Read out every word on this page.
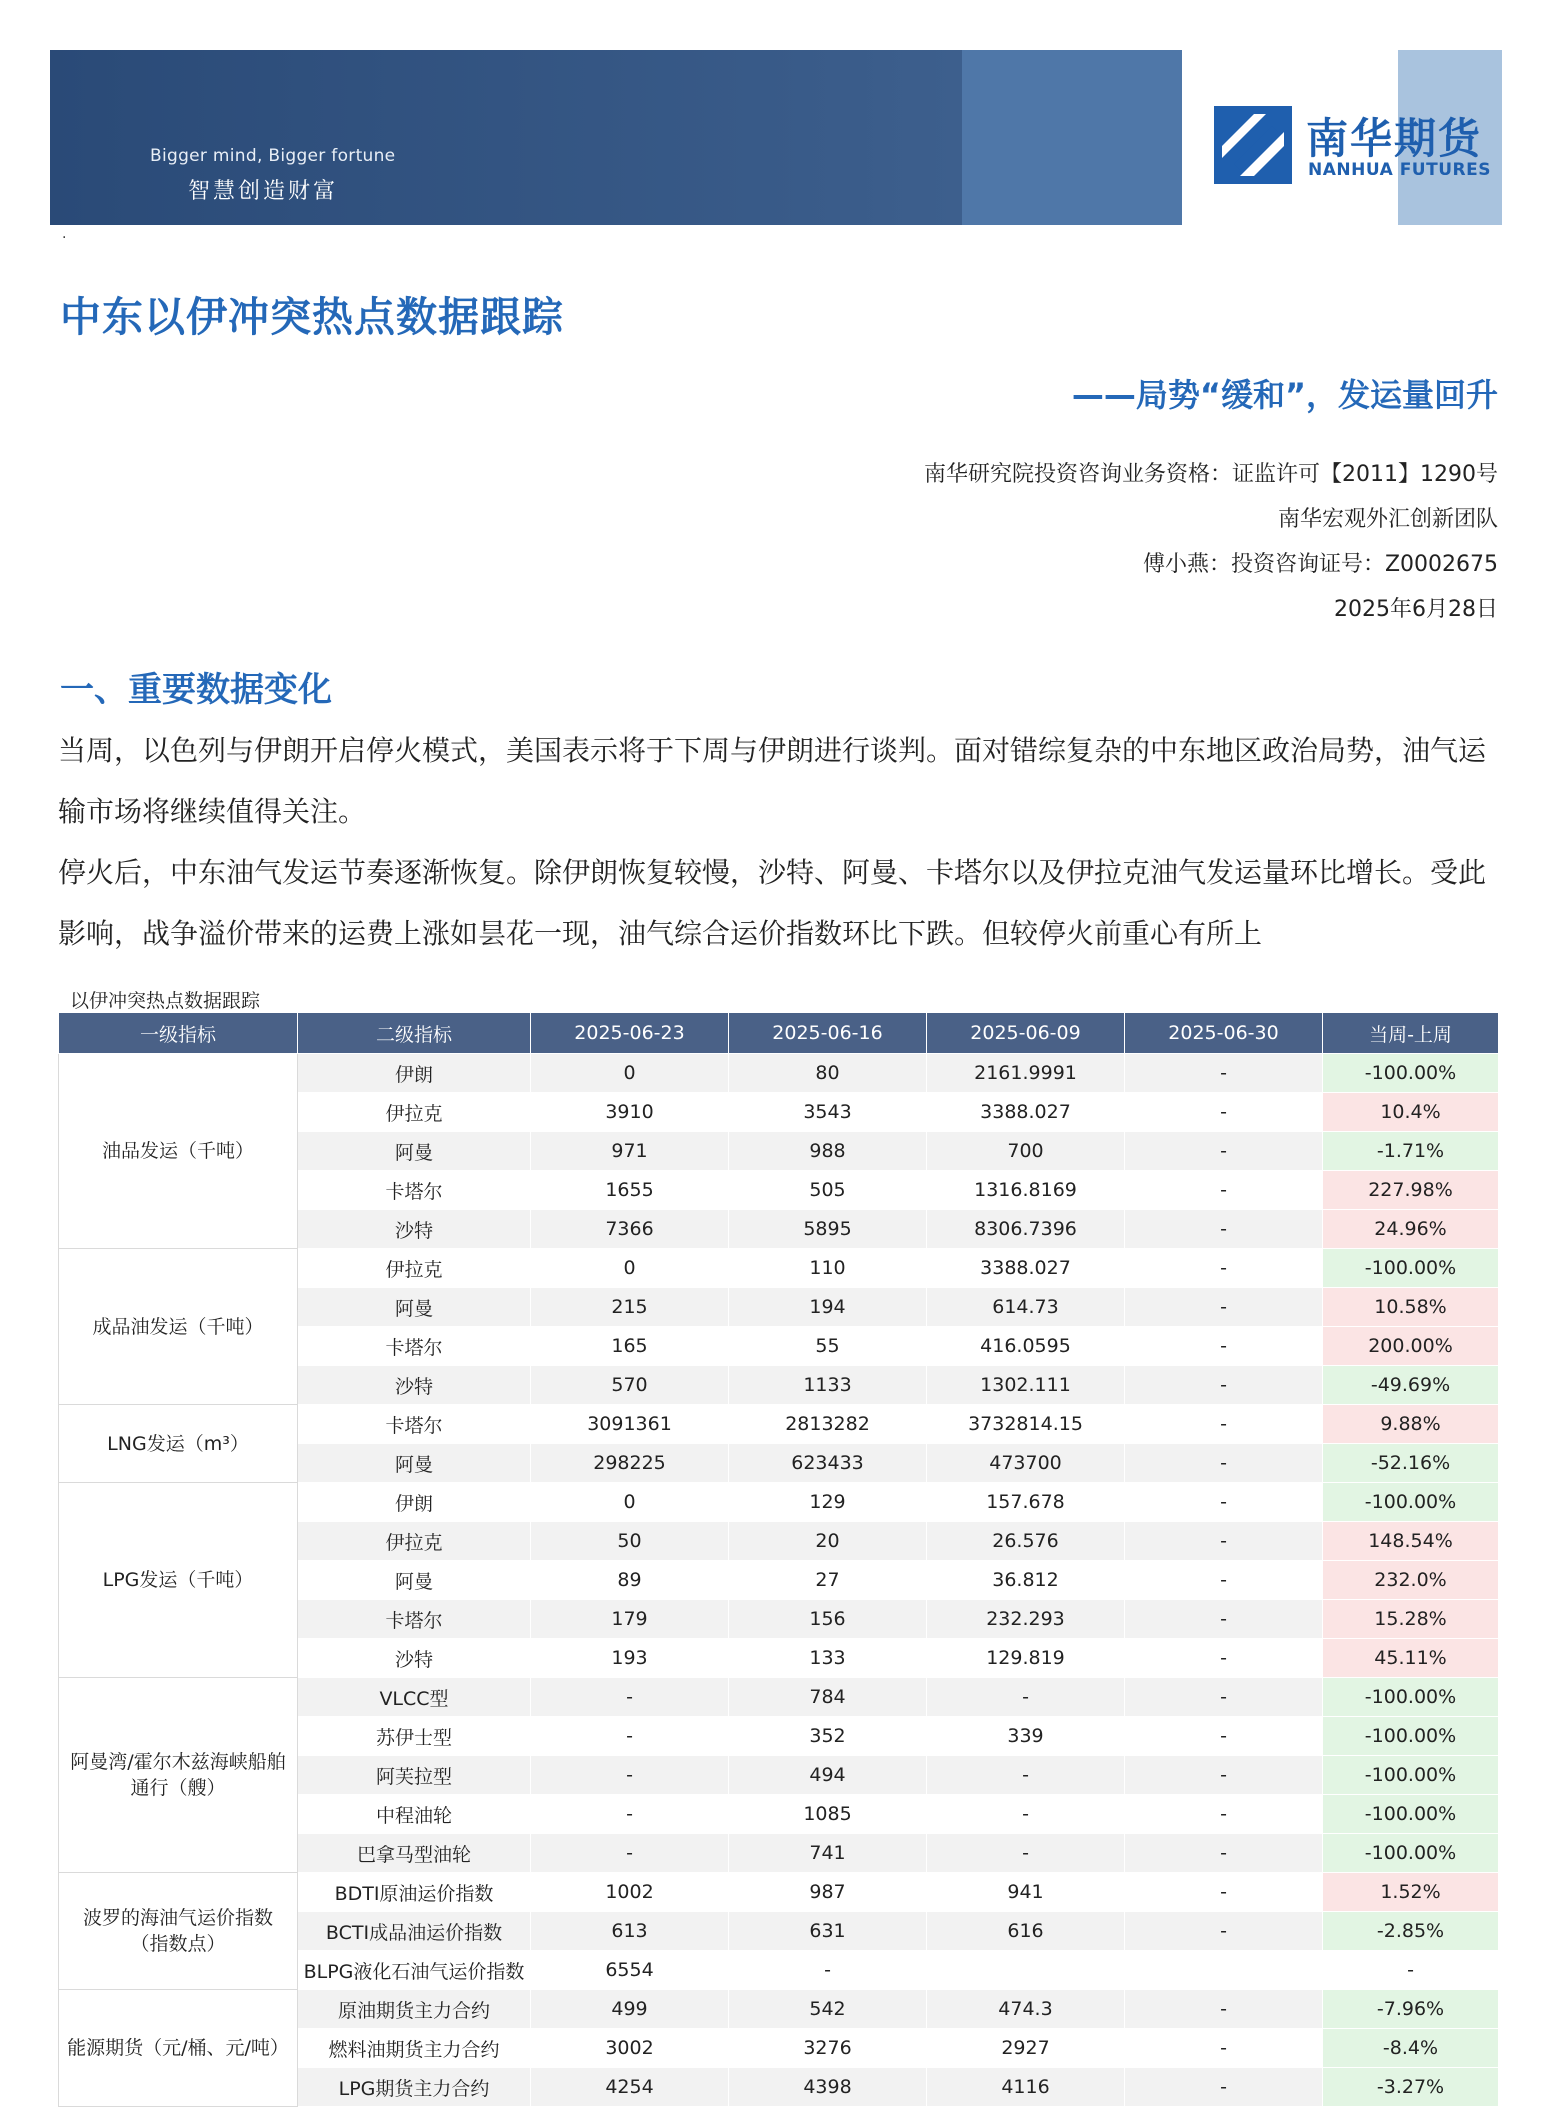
Bigger mind, Bigger fortune
智慧创造财富
南华期货
NANHUA FUTURES
·
中东以伊冲突热点数据跟踪
——局势“缓和”，发运量回升
南华研究院投资咨询业务资格：证监许可【2011】1290号
南华宏观外汇创新团队
傅小燕：投资咨询证号：Z0002675
2025年6月28日
一、重要数据变化
当周，以色列与伊朗开启停火模式，美国表示将于下周与伊朗进行谈判。面对错综复杂的中东地区政治局势，油气运输市场将继续值得关注。
停火后，中东油气发运节奏逐渐恢复。除伊朗恢复较慢，沙特、阿曼、卡塔尔以及伊拉克油气发运量环比增长。受此影响，战争溢价带来的运费上涨如昙花一现，油气综合运价指数环比下跌。但较停火前重心有所上
以伊冲突热点数据跟踪
一级指标	二级指标	2025-06-23	2025-06-16	2025-06-09	2025-06-30	当周-上周
油品发运（千吨）	伊朗	0	80	2161.9991	-	-100.00%
	伊拉克	3910	3543	3388.027	-	10.4%
	阿曼	971	988	700	-	-1.71%
	卡塔尔	1655	505	1316.8169	-	227.98%
	沙特	7366	5895	8306.7396	-	24.96%
成品油发运（千吨）	伊拉克	0	110	3388.027	-	-100.00%
	阿曼	215	194	614.73	-	10.58%
	卡塔尔	165	55	416.0595	-	200.00%
	沙特	570	1133	1302.111	-	-49.69%
LNG发运（m³）	卡塔尔	3091361	2813282	3732814.15	-	9.88%
	阿曼	298225	623433	473700	-	-52.16%
LPG发运（千吨）	伊朗	0	129	157.678	-	-100.00%
	伊拉克	50	20	26.576	-	148.54%
	阿曼	89	27	36.812	-	232.0%
	卡塔尔	179	156	232.293	-	15.28%
	沙特	193	133	129.819	-	45.11%
阿曼湾/霍尔木兹海峡船舶通行（艘）	VLCC型	-	784	-	-	-100.00%
	苏伊士型	-	352	339	-	-100.00%
	阿芙拉型	-	494	-	-	-100.00%
	中程油轮	-	1085	-	-	-100.00%
	巴拿马型油轮	-	741	-	-	-100.00%
波罗的海油气运价指数（指数点）	BDTI原油运价指数	1002	987	941	-	1.52%
	BCTI成品油运价指数	613	631	616	-	-2.85%
	BLPG液化石油气运价指数	6554	-			-
能源期货（元/桶、元/吨）	原油期货主力合约	499	542	474.3	-	-7.96%
	燃料油期货主力合约	3002	3276	2927	-	-8.4%
	LPG期货主力合约	4254	4398	4116	-	-3.27%
